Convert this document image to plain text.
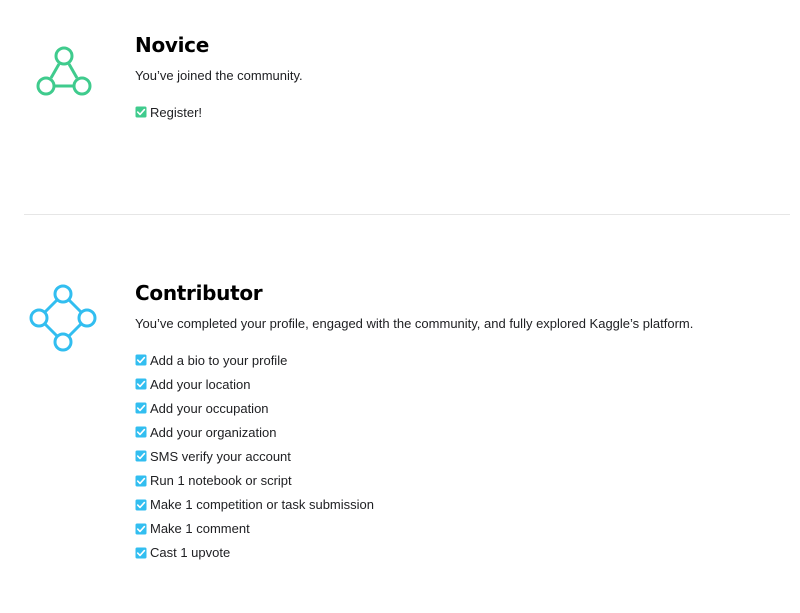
Novice

You’ve joined the community.

Register!
Contributor

You’ve completed your profile, engaged with the community, and fully explored Kaggle’s platform.

Add a bio to your profile
Add your location
Add your occupation
Add your organization
SMS verify your account
Run 1 notebook or script
Make 1 competition or task submission
Make 1 comment
Cast 1 upvote
